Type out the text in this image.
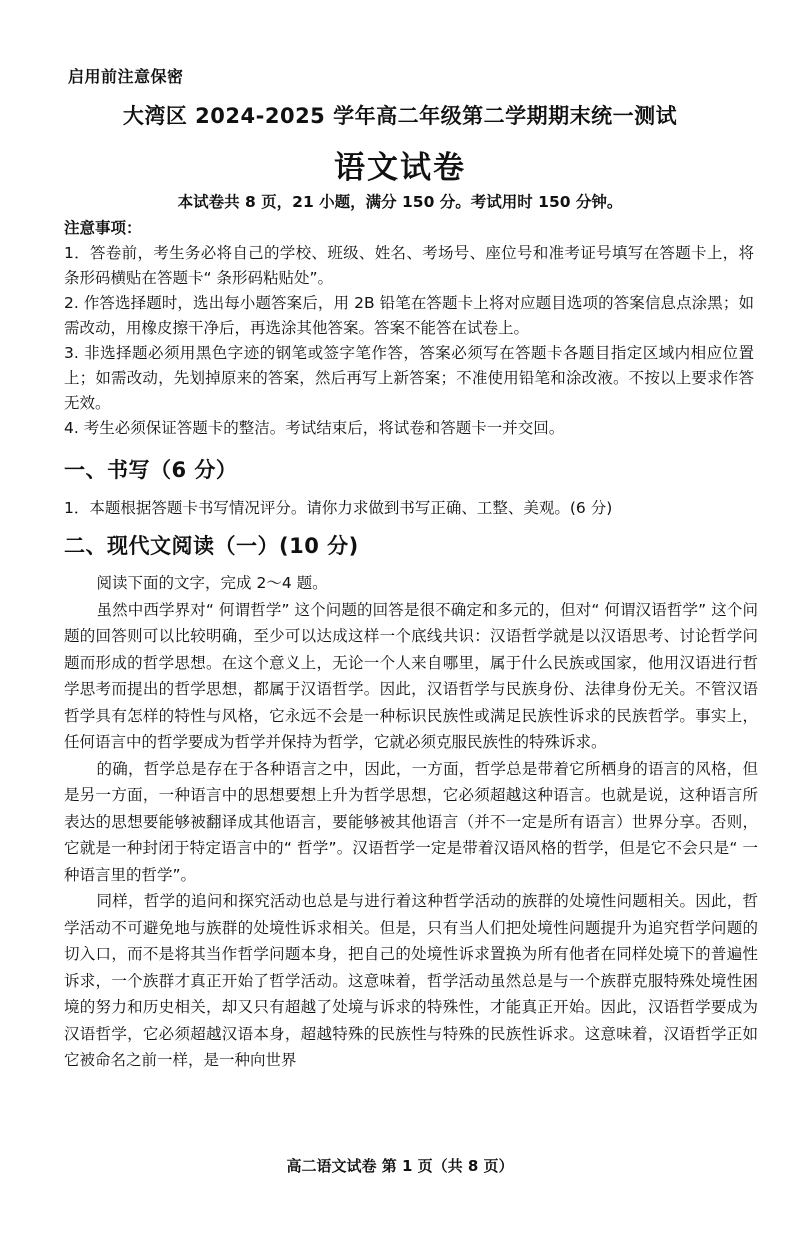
启用前注意保密
大湾区 2024-2025 学年高二年级第二学期期末统一测试
语文试卷
本试卷共 8 页，21 小题，满分 150 分。考试用时 150 分钟。

注意事项：

1．答卷前，考生务必将自己的学校、班级、姓名、考场号、座位号和准考证号填写在答题卡上，将条形码横贴在答题卡“ 条形码粘贴处”。

2. 作答选择题时，选出每小题答案后，用 2B 铅笔在答题卡上将对应题目选项的答案信息点涂黑；如需改动，用橡皮擦干净后，再选涂其他答案。答案不能答在试卷上。

3. 非选择题必须用黑色字迹的钢笔或签字笔作答，答案必须写在答题卡各题目指定区域内相应位置上；如需改动，先划掉原来的答案，然后再写上新答案；不准使用铅笔和涂改液。不按以上要求作答无效。

4. 考生必须保证答题卡的整洁。考试结束后，将试卷和答题卡一并交回。

一、书写（6 分）
1．本题根据答题卡书写情况评分。请你力求做到书写正确、工整、美观。(6 分)
二、现代文阅读（一）(10 分)

阅读下面的文字，完成 2～4 题。

虽然中西学界对“ 何谓哲学” 这个问题的回答是很不确定和多元的，但对“ 何谓汉语哲学” 这个问题的回答则可以比较明确，至少可以达成这样一个底线共识：汉语哲学就是以汉语思考、讨论哲学问题而形成的哲学思想。在这个意义上，无论一个人来自哪里，属于什么民族或国家，他用汉语进行哲学思考而提出的哲学思想，都属于汉语哲学。因此，汉语哲学与民族身份、法律身份无关。不管汉语哲学具有怎样的特性与风格，它永远不会是一种标识民族性或满足民族性诉求的民族哲学。事实上，任何语言中的哲学要成为哲学并保持为哲学，它就必须克服民族性的特殊诉求。

的确，哲学总是存在于各种语言之中，因此，一方面，哲学总是带着它所栖身的语言的风格，但是另一方面，一种语言中的思想要想上升为哲学思想，它必须超越这种语言。也就是说，这种语言所表达的思想要能够被翻译成其他语言，要能够被其他语言（并不一定是所有语言）世界分享。否则，它就是一种封闭于特定语言中的“ 哲学”。汉语哲学一定是带着汉语风格的哲学，但是它不会只是“ 一种语言里的哲学”。

同样，哲学的追问和探究活动也总是与进行着这种哲学活动的族群的处境性问题相关。因此，哲学活动不可避免地与族群的处境性诉求相关。但是，只有当人们把处境性问题提升为追究哲学问题的切入口，而不是将其当作哲学问题本身，把自己的处境性诉求置换为所有他者在同样处境下的普遍性诉求，一个族群才真正开始了哲学活动。这意味着，哲学活动虽然总是与一个族群克服特殊处境性困境的努力和历史相关，却又只有超越了处境与诉求的特殊性，才能真正开始。因此，汉语哲学要成为汉语哲学，它必须超越汉语本身，超越特殊的民族性与特殊的民族性诉求。这意味着，汉语哲学正如它被命名之前一样，是一种向世界

高二语文试卷 第 1 页（共 8 页）
